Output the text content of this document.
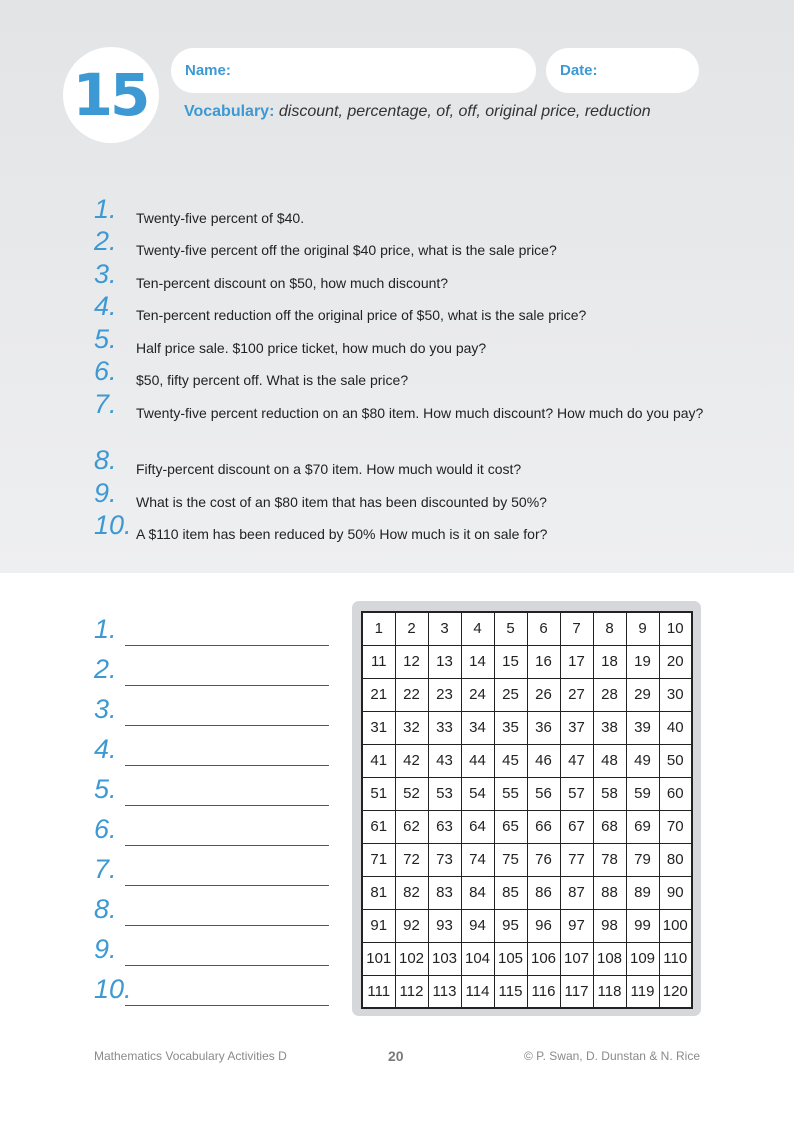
15	Name:	Date:
Vocabulary: discount, percentage, of, off, original price, reduction
1. Twenty-five percent of $40.
2. Twenty-five percent off the original $40 price, what is the sale price?
3. Ten-percent discount on $50, how much discount?
4. Ten-percent reduction off the original price of $50, what is the sale price?
5. Half price sale. $100 price ticket, how much do you pay?
6. $50, fifty percent off. What is the sale price?
7. Twenty-five percent reduction on an $80 item. How much discount? How much do you pay?
8. Fifty-percent discount on a $70 item. How much would it cost?
9. What is the cost of an $80 item that has been discounted by 50%?
10. A $110 item has been reduced by 50% How much is it on sale for?
1.
2.
3.
4.
5.
6.
7.
8.
9.
10.
1	2	3	4	5	6	7	8	9	10
11	12	13	14	15	16	17	18	19	20
21	22	23	24	25	26	27	28	29	30
31	32	33	34	35	36	37	38	39	40
41	42	43	44	45	46	47	48	49	50
51	52	53	54	55	56	57	58	59	60
61	62	63	64	65	66	67	68	69	70
71	72	73	74	75	76	77	78	79	80
81	82	83	84	85	86	87	88	89	90
91	92	93	94	95	96	97	98	99	100
101	102	103	104	105	106	107	108	109	110
111	112	113	114	115	116	117	118	119	120
Mathematics Vocabulary Activities D	20	© P. Swan, D. Dunstan & N. Rice
